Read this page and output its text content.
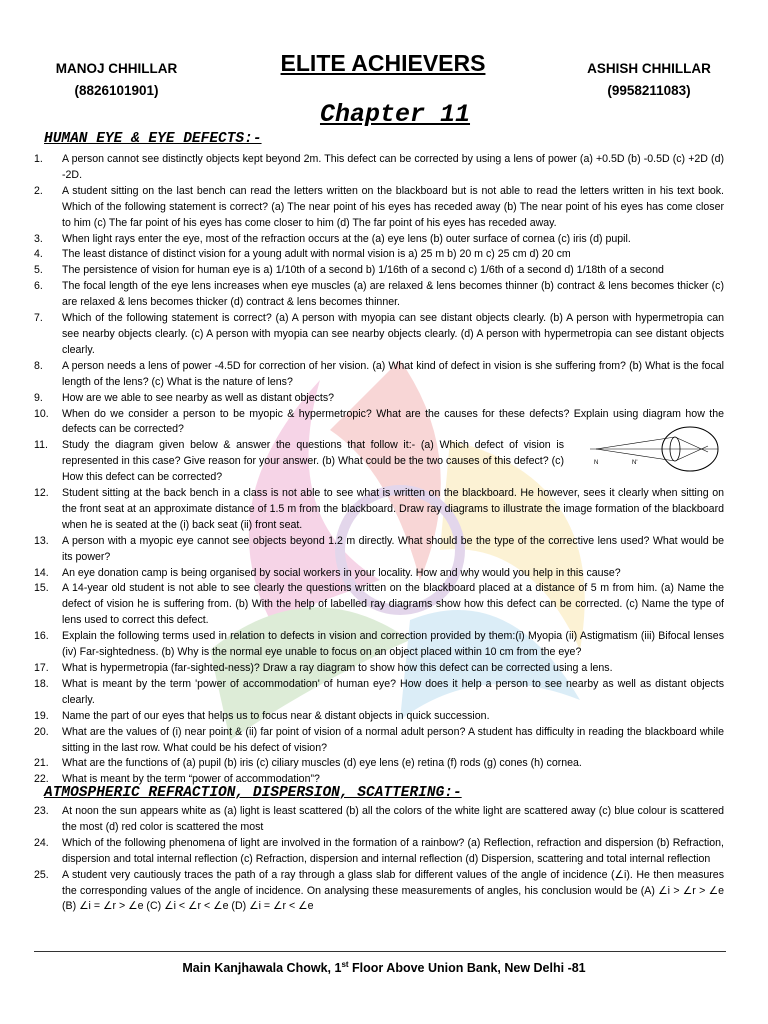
MANOJ CHHILLAR
(8826101901)
ELITE ACHIEVERS	ASHISH CHHILLAR
(9958211083)
Chapter 11
HUMAN EYE & EYE DEFECTS:-
1.	A person cannot see distinctly objects kept beyond 2m. This defect can be corrected by using a lens of power (a) +0.5D (b) -0.5D (c) +2D (d) -2D.
2.	A student sitting on the last bench can read the letters written on the blackboard but is not able to read the letters written in his text book. Which of the following statement is correct? (a) The near point of his eyes has receded away (b) The near point of his eyes has come closer to him (c) The far point of his eyes has come closer to him (d) The far point of his eyes has receded away.
3.	When light rays enter the eye, most of the refraction occurs at the (a) eye lens (b) outer surface of cornea (c) iris (d) pupil.
4.	The least distance of distinct vision for a young adult with normal vision is a) 25 m b) 20 m c) 25 cm d) 20 cm
5.	The persistence of vision for human eye is a) 1/10th of a second b) 1/16th of a second c) 1/6th of a second d) 1/18th of a second
6.	The focal length of the eye lens increases when eye muscles (a) are relaxed & lens becomes thinner (b) contract & lens becomes thicker (c) are relaxed & lens becomes thicker (d) contract & lens becomes thinner.
7.	Which of the following statement is correct? (a) A person with myopia can see distant objects clearly. (b) A person with hypermetropia can see nearby objects clearly. (c) A person with myopia can see nearby objects clearly. (d) A person with hypermetropia can see distant objects clearly.
8.	A person needs a lens of power -4.5D for correction of her vision. (a) What kind of defect in vision is she suffering from? (b) What is the focal length of the lens? (c) What is the nature of lens?
9.	How are we able to see nearby as well as distant objects?
10.	When do we consider a person to be myopic & hypermetropic? What are the causes for these defects? Explain using diagram how the defects can be corrected?
11.	Study the diagram given below & answer the questions that follow it:- (a) Which defect of vision is represented in this case? Give reason for your answer. (b) What could be the two causes of this defect? (c) How this defect can be corrected?
12.	Student sitting at the back bench in a class is not able to see what is written on the blackboard. He however, sees it clearly when sitting on the front seat at an approximate distance of 1.5 m from the blackboard. Draw ray diagrams to illustrate the image formation of the blackboard when he is seated at the (i) back seat (ii) front seat.
13.	A person with a myopic eye cannot see objects beyond 1.2 m directly. What should be the type of the corrective lens used? What would be its power?
14.	An eye donation camp is being organised by social workers in your locality. How and why would you help in this cause?
15.	A 14-year old student is not able to see clearly the questions written on the blackboard placed at a distance of 5 m from him. (a) Name the defect of vision he is suffering from. (b) With the help of labelled ray diagrams show how this defect can be corrected. (c) Name the type of lens used to correct this defect.
16.	Explain the following terms used in relation to defects in vision and correction provided by them:(i) Myopia (ii) Astigmatism (iii) Bifocal lenses (iv) Far-sightedness. (b) Why is the normal eye unable to focus on an object placed within 10 cm from the eye?
17.	What is hypermetropia (far-sighted-ness)? Draw a ray diagram to show how this defect can be corrected using a lens.
18.	What is meant by the term 'power of accommodation' of human eye? How does it help a person to see nearby as well as distant objects clearly.
19.	Name the part of our eyes that helps us to focus near & distant objects in quick succession.
20.	What are the values of (i) near point & (ii) far point of vision of a normal adult person? A student has difficulty in reading the blackboard while sitting in the last row. What could be his defect of vision?
21.	What are the functions of (a) pupil (b) iris (c) ciliary muscles (d) eye lens (e) retina (f) rods (g) cones (h) cornea.
22.	What is meant by the term “power of accommodation”?
N	N'
ATMOSPHERIC REFRACTION, DISPERSION, SCATTERING:-
23.	At noon the sun appears white as (a) light is least scattered (b) all the colors of the white light are scattered away (c) blue colour is scattered the most (d) red color is scattered the most
24.	Which of the following phenomena of light are involved in the formation of a rainbow? (a) Reflection, refraction and dispersion (b) Refraction, dispersion and total internal reflection (c) Refraction, dispersion and internal reflection (d) Dispersion, scattering and total internal reflection
25.	A student very cautiously traces the path of a ray through a glass slab for different values of the angle of incidence (∠i). He then measures the corresponding values of the angle of incidence. On analysing these measurements of angles, his conclusion would be (A) ∠i > ∠r > ∠e (B) ∠i = ∠r > ∠e (C) ∠i < ∠r < ∠e (D) ∠i = ∠r < ∠e
Main Kanjhawala Chowk, 1st Floor Above Union Bank, New Delhi -81
